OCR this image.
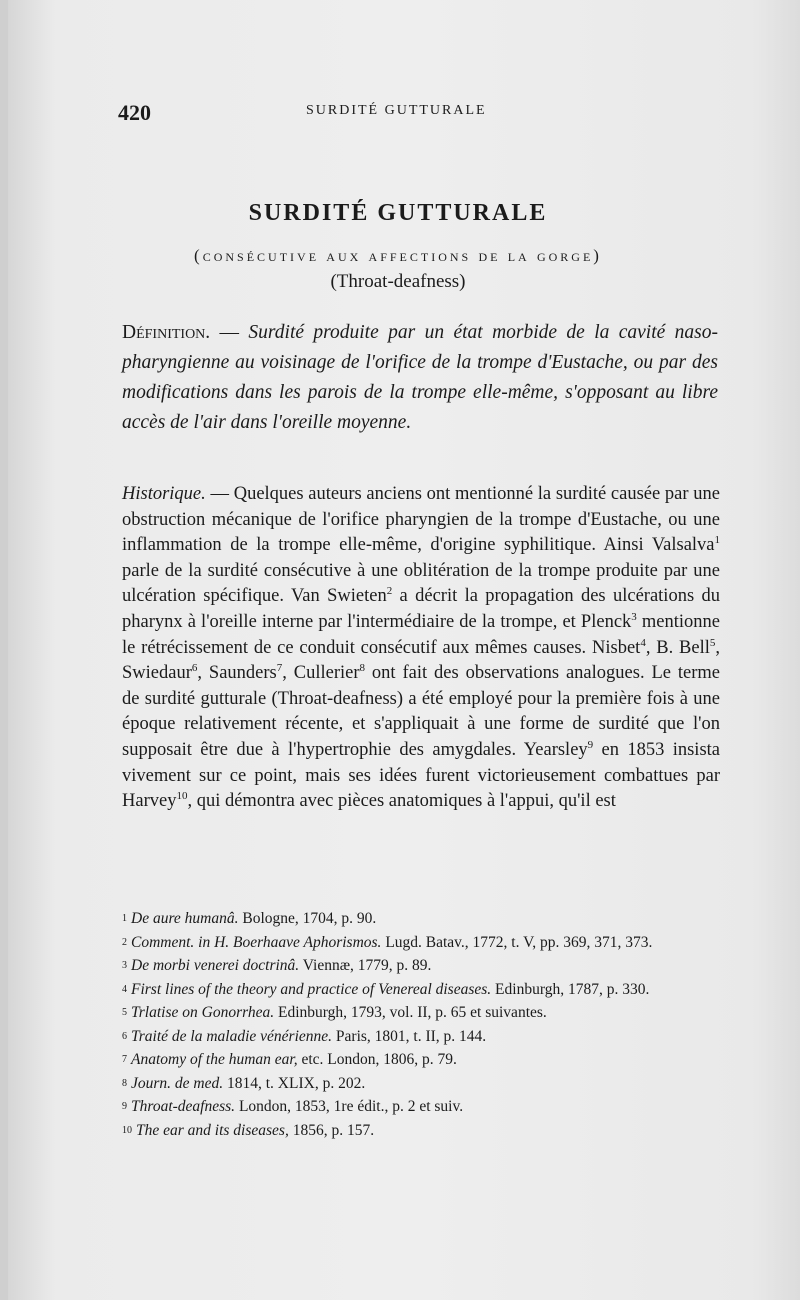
420	SURDITÉ GUTTURALE
SURDITÉ GUTTURALE
(consécutive aux affections de la gorge)
(Throat-deafness)
Définition. — Surdité produite par un état morbide de la cavité naso-pharyngienne au voisinage de l'orifice de la trompe d'Eustache, ou par des modifications dans les parois de la trompe elle-même, s'opposant au libre accès de l'air dans l'oreille moyenne.
Historique. — Quelques auteurs anciens ont mentionné la surdité causée par une obstruction mécanique de l'orifice pharyngien de la trompe d'Eustache, ou une inflammation de la trompe elle-même, d'origine syphilitique. Ainsi Valsalva$^1$ parle de la surdité consécutive à une oblitération de la trompe produite par une ulcération spécifique. Van Swieten$^2$ a décrit la propagation des ulcérations du pharynx à l'oreille interne par l'intermédiaire de la trompe, et Plenck$^3$ mentionne le rétrécissement de ce conduit consécutif aux mêmes causes. Nisbet$^4$, B. Bell$^5$, Swiedaur$^6$, Saunders$^7$, Cullerier$^8$ ont fait des observations analogues. Le terme de surdité gutturale (Throat-deafness) a été employé pour la première fois à une époque relativement récente, et s'appliquait à une forme de surdité que l'on supposait être due à l'hypertrophie des amygdales. Yearsley$^9$ en 1853 insista vivement sur ce point, mais ses idées furent victorieusement combattues par Harvey$^{10}$, qui démontra avec pièces anatomiques à l'appui, qu'il est
$^1$ De aure humanâ. Bologne, 1704, p. 90.
$^2$ Comment. in H. Boerhaave Aphorismos. Lugd. Batav., 1772, t. V, pp. 369, 371, 373.
$^3$ De morbi venerei doctrinâ. Viennæ, 1779, p. 89.
$^4$ First lines of the theory and practice of Venereal diseases. Edinburgh, 1787, p. 330.
$^5$ Trlatise on Gonorrhea. Edinburgh, 1793, vol. II, p. 65 et suivantes.
$^6$ Traité de la maladie vénérienne. Paris, 1801, t. II, p. 144.
$^7$ Anatomy of the human ear, etc. London, 1806, p. 79.
$^8$ Journ. de med. 1814, t. XLIX, p. 202.
$^9$ Throat-deafness. London, 1853, 1re édit., p. 2 et suiv.
$^{10}$ The ear and its diseases, 1856, p. 157.
